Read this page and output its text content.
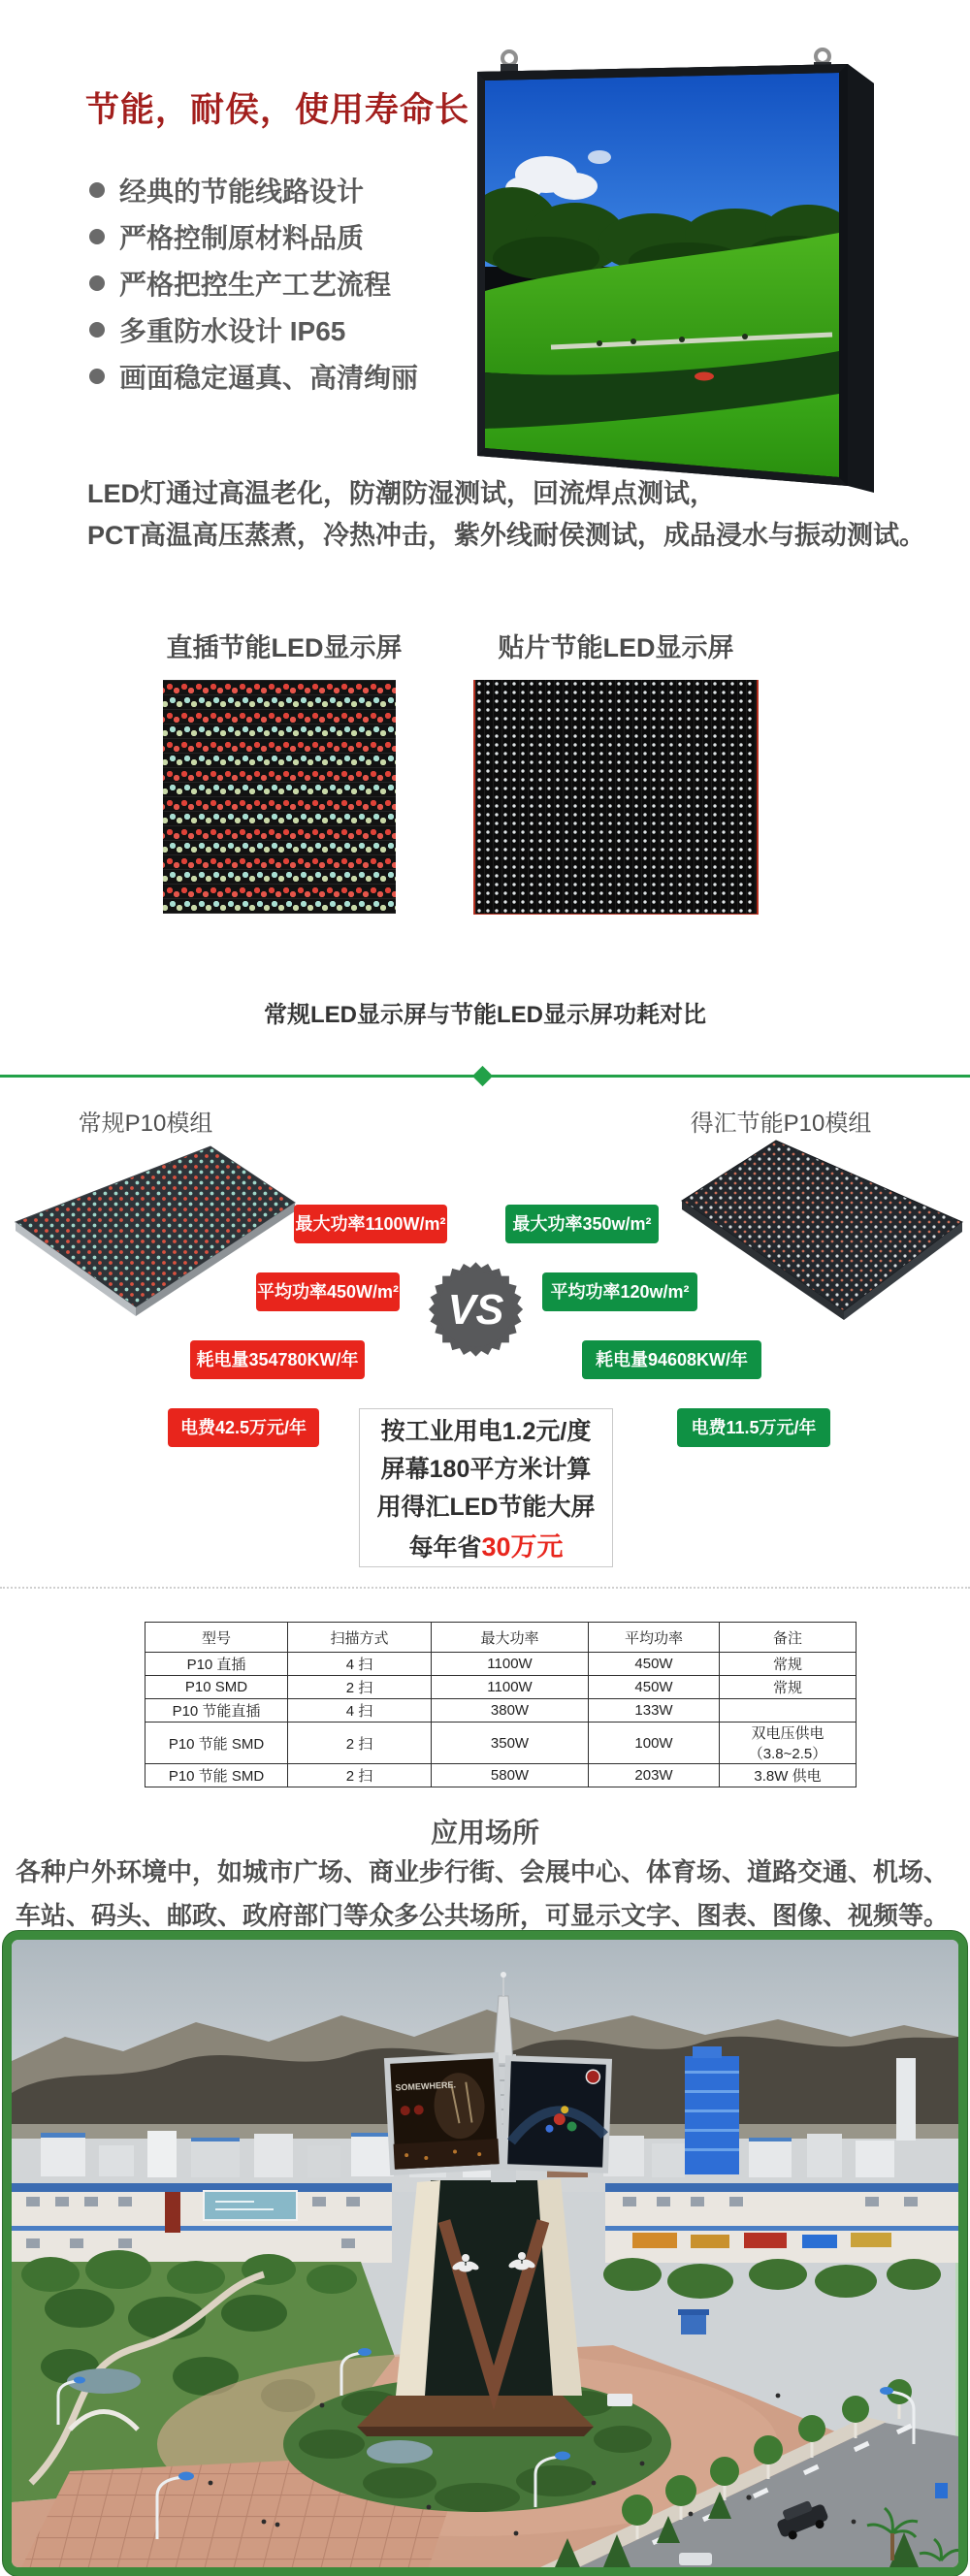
节能，耐侯，使用寿命长
经典的节能线路设计
严格控制原材料品质
严格把控生产工艺流程
多重防水设计 IP65
画面稳定逼真、高清绚丽
LED灯通过高温老化，防潮防湿测试，回流焊点测试，
PCT高温高压蒸煮，冷热冲击，紫外线耐侯测试，成品浸水与振动测试。
直插节能LED显示屏	贴片节能LED显示屏
常规LED显示屏与节能LED显示屏功耗对比
常规P10模组	得汇节能P10模组
最大功率1100W/m²
平均功率450W/m²
耗电量354780KW/年
电费42.5万元/年
最大功率350w/m²
平均功率120w/m²
耗电量94608KW/年
电费11.5万元/年
VS
按工业用电1.2元/度
屏幕180平方米计算
用得汇LED节能大屏
每年省30万元
型号	扫描方式	最大功率	平均功率	备注
P10 直插	4 扫	1100W	450W	常规
P10 SMD	2 扫	1100W	450W	常规
P10 节能直插	4 扫	380W	133W	
P10 节能 SMD	2 扫	350W	100W	双电压供电（3.8~2.5）
P10 节能 SMD	2 扫	580W	203W	3.8W 供电
应用场所
各种户外环境中，如城市广场、商业步行街、会展中心、体育场、道路交通、机场、
车站、码头、邮政、政府部门等众多公共场所，可显示文字、图表、图像、视频等。
SOMEWHERE.
